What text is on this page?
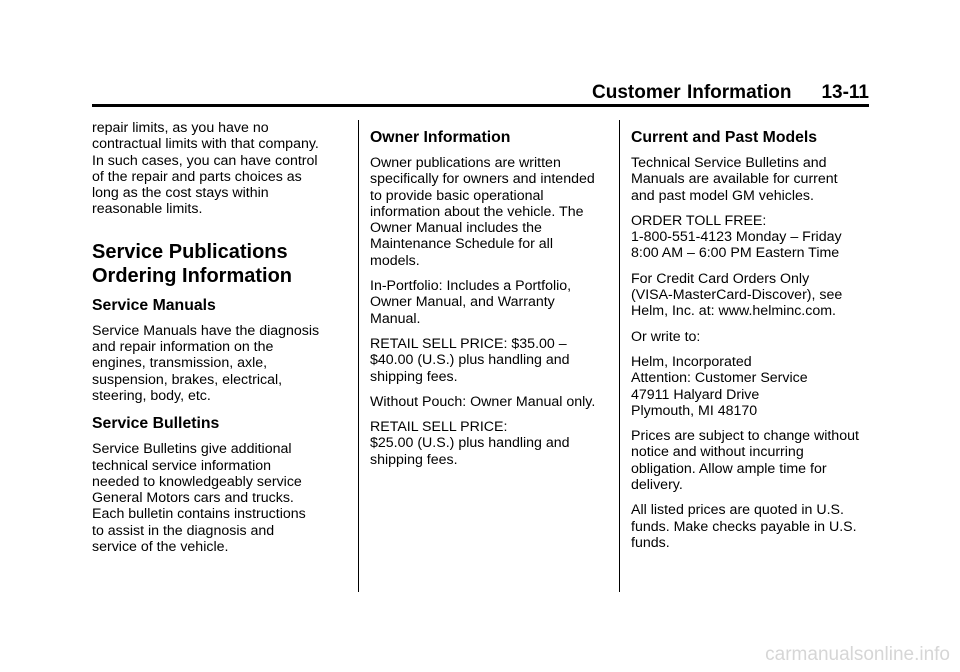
Customer Information 13-11

repair limits, as you have no
contractual limits with that company.
In such cases, you can have control
of the repair and parts choices as
long as the cost stays within
reasonable limits.

Service Publications
Ordering Information
Service Manuals

Service Manuals have the diagnosis
and repair information on the
engines, transmission, axle,
suspension, brakes, electrical,
steering, body, etc.

Service Bulletins

Service Bulletins give additional
technical service information
needed to knowledgeably service
General Motors cars and trucks.
Each bulletin contains instructions
to assist in the diagnosis and
service of the vehicle.

Owner Information

Owner publications are written
specifically for owners and intended
to provide basic operational
information about the vehicle. The
Owner Manual includes the
Maintenance Schedule for all
models.

In-Portfolio: Includes a Portfolio,
Owner Manual, and Warranty
Manual.

RETAIL SELL PRICE: $35.00 –
$40.00 (U.S.) plus handling and
shipping fees.

Without Pouch: Owner Manual only.

RETAIL SELL PRICE:
$25.00 (U.S.) plus handling and
shipping fees.

Current and Past Models

Technical Service Bulletins and
Manuals are available for current
and past model GM vehicles.

ORDER TOLL FREE:
1-800-551-4123 Monday – Friday
8:00 AM – 6:00 PM Eastern Time

For Credit Card Orders Only
(VISA-MasterCard-Discover), see
Helm, Inc. at: www.helminc.com.

Or write to:

Helm, Incorporated
Attention: Customer Service
47911 Halyard Drive
Plymouth, MI 48170

Prices are subject to change without
notice and without incurring
obligation. Allow ample time for
delivery.

All listed prices are quoted in U.S.
funds. Make checks payable in U.S.
funds.

carmanualsonline.info
